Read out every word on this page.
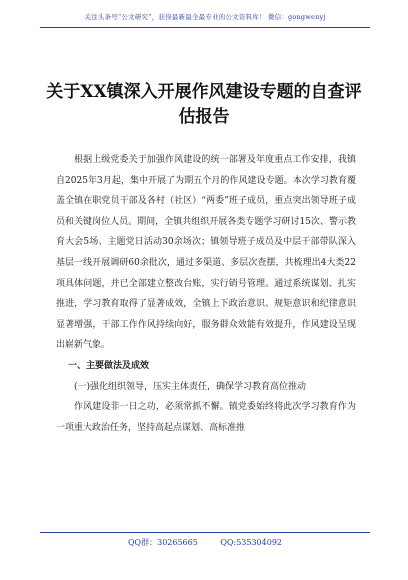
关注头条号“公文研究”，获得最新最全最专业的公文资料库！ 微信：gongwenyj
关于XX镇深入开展作风建设专题的自查评估报告

根据上级党委关于加强作风建设的统一部署及年度重点工作安排，我镇自2025年3月起，集中开展了为期五个月的作风建设专题。本次学习教育覆盖全镇在职党员干部及各村（社区）“两委”班子成员，重点突出领导班子成员和关键岗位人员。期间，全镇共组织开展各类专题学习研讨15次、警示教育大会5场、主题党日活动30余场次；镇领导班子成员及中层干部带队深入基层一线开展调研60余批次，通过多渠道、多层次查摆，共梳理出4大类22项具体问题，并已全部建立整改台账，实行销号管理。通过系统谋划、扎实推进，学习教育取得了显著成效，全镇上下政治意识、规矩意识和纪律意识显著增强，干部工作作风持续向好，服务群众效能有效提升，作风建设呈现出崭新气象。

一、主要做法及成效

(一)强化组织领导，压实主体责任，确保学习教育高位推动

作风建设非一日之功，必须常抓不懈。镇党委始终将此次学习教育作为一项重大政治任务，坚持高起点谋划、高标准推

QQ群：30265665	QQ:535304092
